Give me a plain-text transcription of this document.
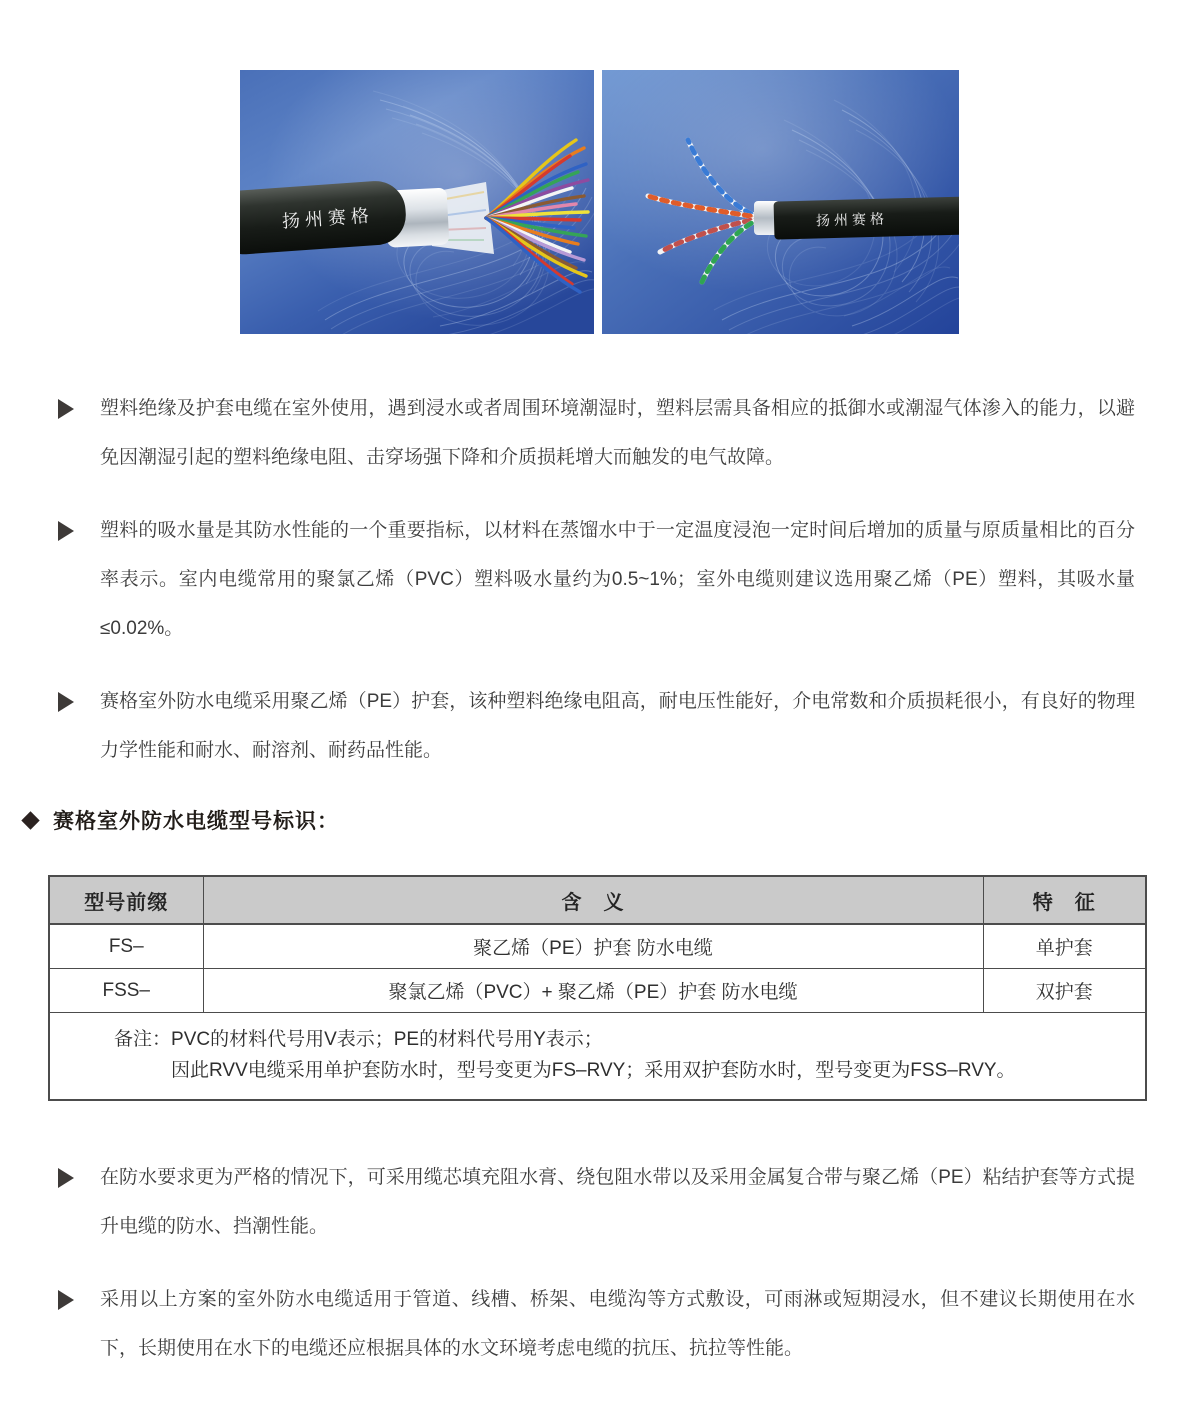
扬州赛格	扬州赛格

塑料绝缘及护套电缆在室外使用，遇到浸水或者周围环境潮湿时，塑料层需具备相应的抵御水或潮湿气体渗入的能力，以避免因潮湿引起的塑料绝缘电阻、击穿场强下降和介质损耗增大而触发的电气故障。

塑料的吸水量是其防水性能的一个重要指标，以材料在蒸馏水中于一定温度浸泡一定时间后增加的质量与原质量相比的百分率表示。室内电缆常用的聚氯乙烯（PVC）塑料吸水量约为0.5~1%；室外电缆则建议选用聚乙烯（PE）塑料，其吸水量≤0.02%。

赛格室外防水电缆采用聚乙烯（PE）护套，该种塑料绝缘电阻高，耐电压性能好，介电常数和介质损耗很小，有良好的物理力学性能和耐水、耐溶剂、耐药品性能。

赛格室外防水电缆型号标识：
型号前缀	含　义	特　征
FS–	聚乙烯（PE）护套 防水电缆	单护套
FSS–	聚氯乙烯（PVC）+ 聚乙烯（PE）护套 防水电缆	双护套

备注： PVC的材料代号用V表示；PE的材料代号用Y表示；
因此RVV电缆采用单护套防水时，型号变更为FS–RVY；采用双护套防水时，型号变更为FSS–RVY。		

在防水要求更为严格的情况下，可采用缆芯填充阻水膏、绕包阻水带以及采用金属复合带与聚乙烯（PE）粘结护套等方式提升电缆的防水、挡潮性能。

采用以上方案的室外防水电缆适用于管道、线槽、桥架、电缆沟等方式敷设，可雨淋或短期浸水，但不建议长期使用在水下，长期使用在水下的电缆还应根据具体的水文环境考虑电缆的抗压、抗拉等性能。
